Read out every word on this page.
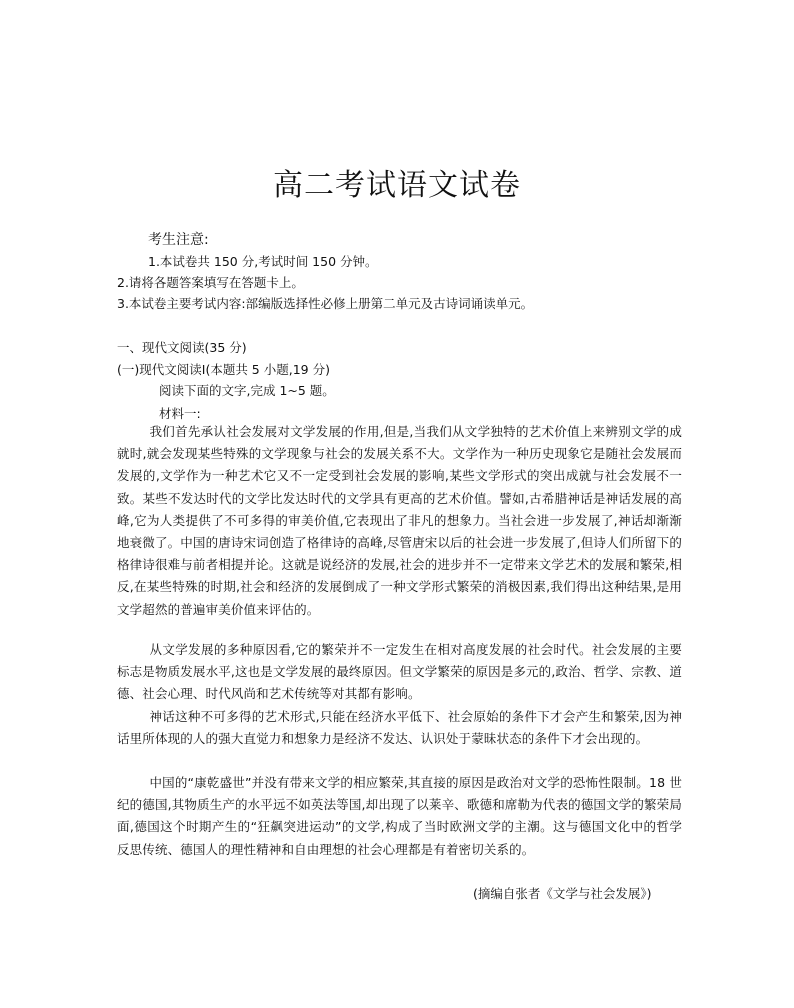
高二考试语文试卷
考生注意:
1.本试卷共 150 分,考试时间 150 分钟。
2.请将各题答案填写在答题卡上。
3.本试卷主要考试内容:部编版选择性必修上册第二单元及古诗词诵读单元。
一、现代文阅读(35 分)
(一)现代文阅读Ⅰ(本题共 5 小题,19 分)
阅读下面的文字,完成 1~5 题。
材料一:
我们首先承认社会发展对文学发展的作用,但是,当我们从文学独特的艺术价值上来辨别文学的成就时,就会发现某些特殊的文学现象与社会的发展关系不大。文学作为一种历史现象它是随社会发展而发展的,文学作为一种艺术它又不一定受到社会发展的影响,某些文学形式的突出成就与社会发展不一致。某些不发达时代的文学比发达时代的文学具有更高的艺术价值。譬如,古希腊神话是神话发展的高峰,它为人类提供了不可多得的审美价值,它表现出了非凡的想象力。当社会进一步发展了,神话却渐渐地衰微了。中国的唐诗宋词创造了格律诗的高峰,尽管唐宋以后的社会进一步发展了,但诗人们所留下的格律诗很难与前者相提并论。这就是说经济的发展,社会的进步并不一定带来文学艺术的发展和繁荣,相反,在某些特殊的时期,社会和经济的发展倒成了一种文学形式繁荣的消极因素,我们得出这种结果,是用文学超然的普遍审美价值来评估的。
从文学发展的多种原因看,它的繁荣并不一定发生在相对高度发展的社会时代。社会发展的主要标志是物质发展水平,这也是文学发展的最终原因。但文学繁荣的原因是多元的,政治、哲学、宗教、道德、社会心理、时代风尚和艺术传统等对其都有影响。
神话这种不可多得的艺术形式,只能在经济水平低下、社会原始的条件下才会产生和繁荣,因为神话里所体现的人的强大直觉力和想象力是经济不发达、认识处于蒙昧状态的条件下才会出现的。
中国的“康乾盛世”并没有带来文学的相应繁荣,其直接的原因是政治对文学的恐怖性限制。18 世纪的德国,其物质生产的水平远不如英法等国,却出现了以莱辛、歌德和席勒为代表的德国文学的繁荣局面,德国这个时期产生的“狂飙突进运动”的文学,构成了当时欧洲文学的主潮。这与德国文化中的哲学反思传统、德国人的理性精神和自由理想的社会心理都是有着密切关系的。
(摘编自张者《文学与社会发展》)
